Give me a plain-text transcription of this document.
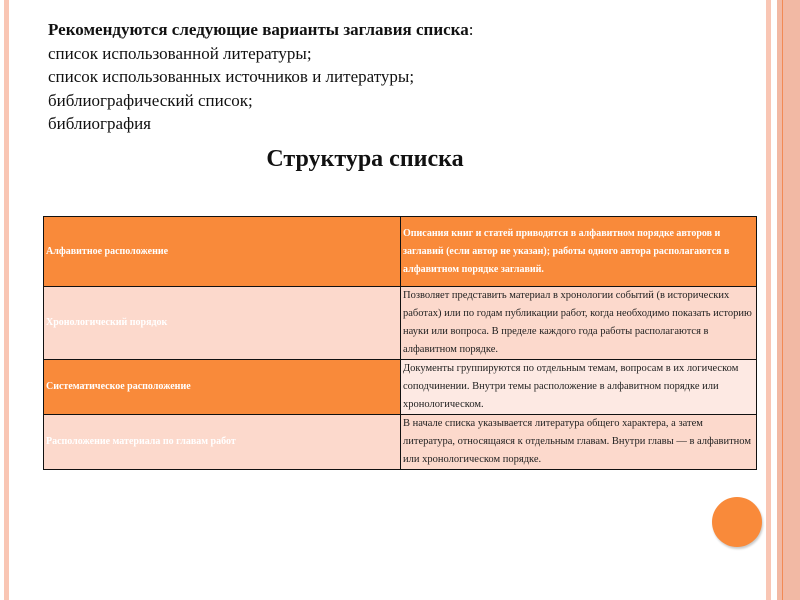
Рекомендуются следующие варианты заглавия списка:
список использованной литературы;
список использованных источников и литературы;
библиографический список;
библиография
Структура списка
Алфавитное расположение	Описания книг и статей приводятся в алфавитном порядке авторов и заглавий (если автор не указан); работы одного автора располагаются в алфавитном порядке заглавий.
Хронологический порядок	Позволяет представить материал в хронологии событий (в исторических работах) или по годам публикации работ, когда необходимо показать историю науки или вопроса. В пределе каждого года работы располагаются в алфавитном порядке.
Систематическое расположение	Документы группируются по отдельным темам, вопросам в их логическом соподчинении. Внутри темы расположение в алфавитном порядке или хронологическом.
Расположение материала по главам работ	В начале списка указывается литература общего характера, а затем литература, относящаяся к отдельным главам. Внутри главы — в алфавитном или хронологическом порядке.
